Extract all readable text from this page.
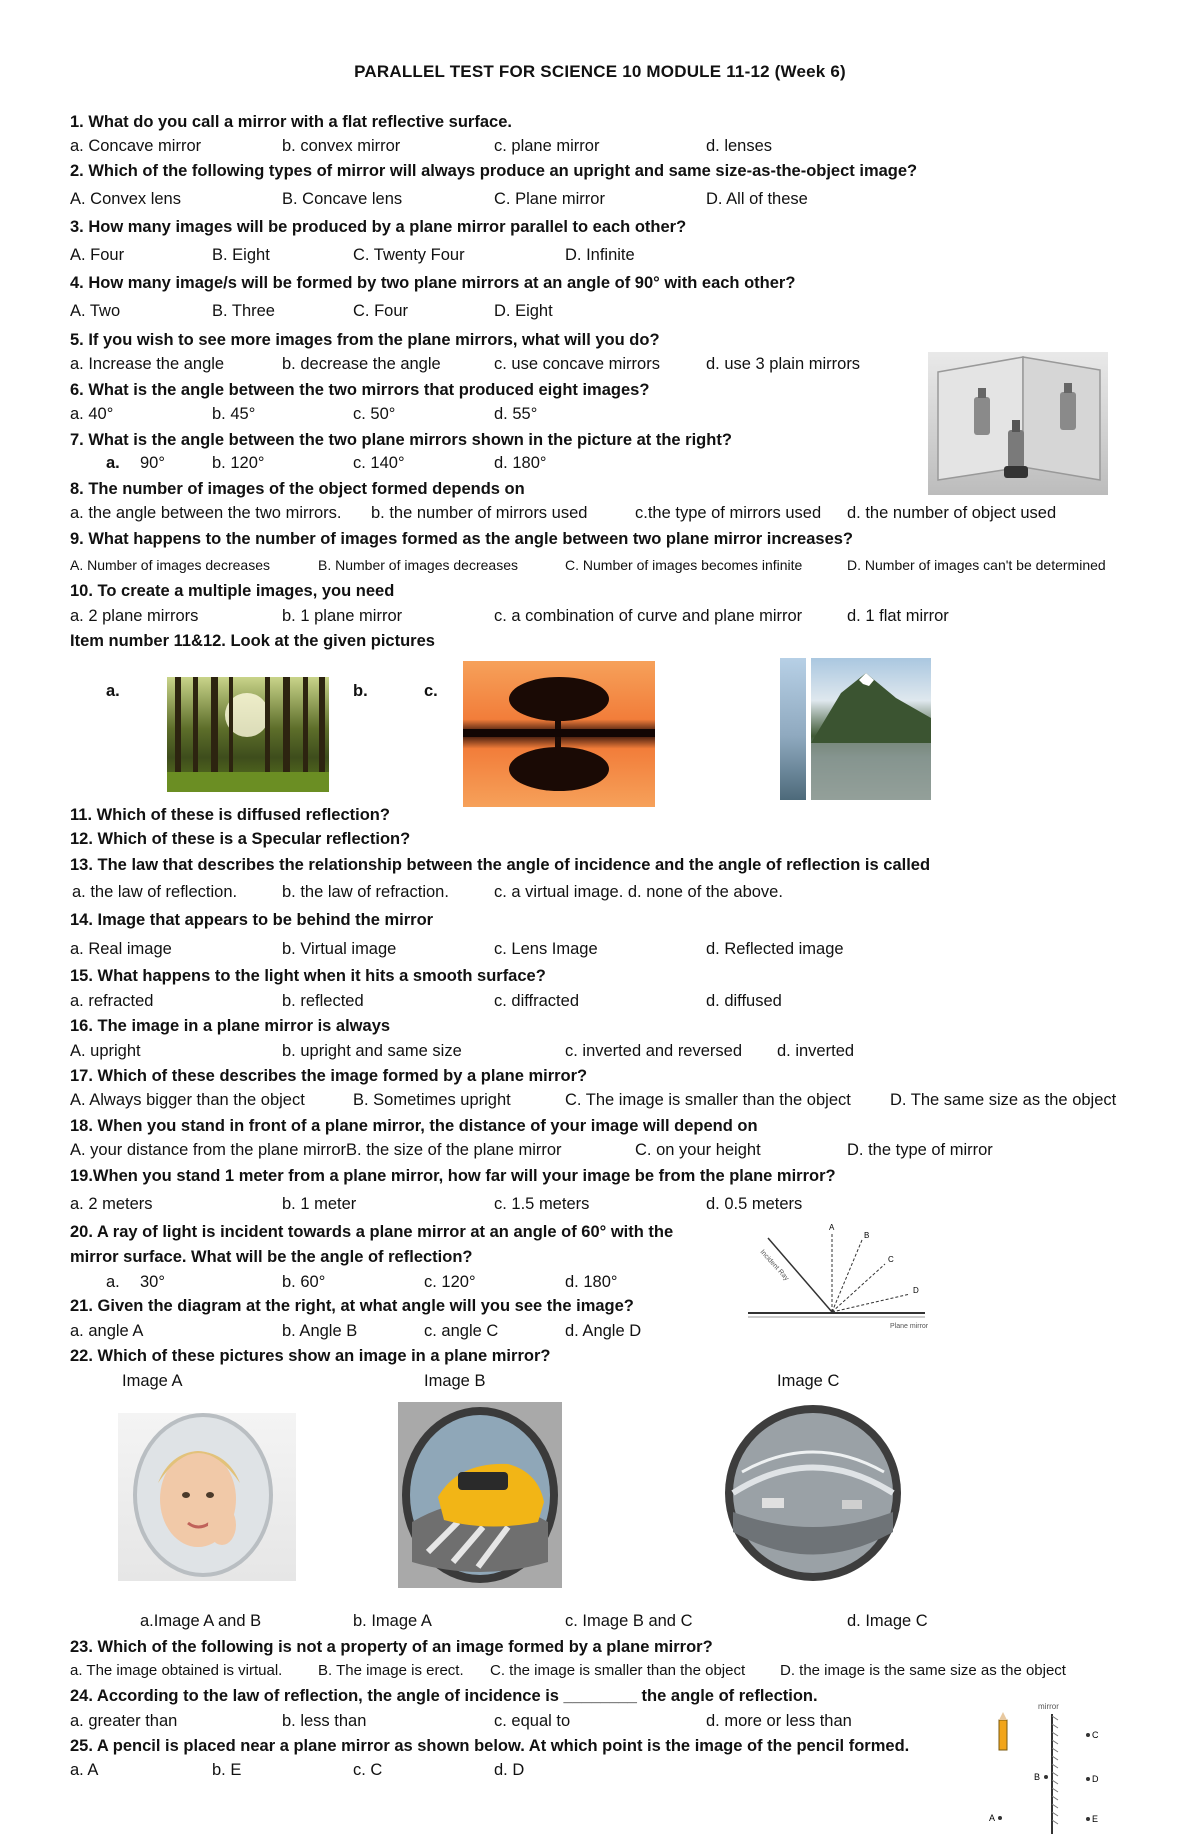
PARALLEL TEST FOR SCIENCE 10 MODULE 11-12 (Week 6)
1. What do you call a mirror with a flat reflective surface.
a. Concave mirror	b. convex mirror	c. plane mirror	d. lenses
2. Which of the following types of mirror will always produce an upright and same size-as-the-object image?
A. Convex lens	B. Concave lens	C. Plane mirror	D. All of these
3. How many images will be produced by a plane mirror parallel to each other?
A. Four	B. Eight	C. Twenty Four	D. Infinite
4. How many image/s will be formed by two plane mirrors at an angle of 90° with each other?
A. Two	B. Three	C. Four	D. Eight
5. If you wish to see more images from the plane mirrors, what will you do?
a. Increase the angle	b. decrease the angle	c. use concave mirrors	d. use 3 plain mirrors
6. What is the angle between the two mirrors that produced eight images?
a. 40°	b. 45°	c. 50°	d. 55°
7. What is the angle between the two plane mirrors shown in the picture at the right?
a. 90°	b. 120°	c. 140°	d. 180°
8. The number of images of the object formed depends on
a. the angle between the two mirrors. b. the number of mirrors used	c.the type of mirrors used d. the number of object used
9. What happens to the number of images formed as the angle between two plane mirror increases?
A. Number of images decreases	B. Number of images decreases	C. Number of images becomes infinite	D. Number of images can't be determined
10. To create a multiple images, you need
a. 2 plane mirrors	b. 1 plane mirror	c. a combination of curve and plane mirror	d. 1 flat mirror
Item number 11&12. Look at the given pictures
a.	b.	c.
11. Which of these is diffused reflection?
12. Which of these is a Specular reflection?
13. The law that describes the relationship between the angle of incidence and the angle of reflection is called
a. the law of reflection.	b. the law of refraction.	c. a virtual image. d. none of the above.
14. Image that appears to be behind the mirror
a. Real image	b. Virtual image	c. Lens Image	d. Reflected image
15. What happens to the light when it hits a smooth surface?
a. refracted	b. reflected	c. diffracted	d. diffused
16. The image in a plane mirror is always
A. upright	b. upright and same size	c. inverted and reversed d. inverted
17. Which of these describes the image formed by a plane mirror?
A. Always bigger than the object	B. Sometimes upright	C. The image is smaller than the object D. The same size as the object
18. When you stand in front of a plane mirror, the distance of your image will depend on
A. your distance from the plane mirrorB. the size of the plane mirror	C. on your height	D. the type of mirror
19.When you stand 1 meter from a plane mirror, how far will your image be from the plane mirror?
a. 2 meters	b. 1 meter	c. 1.5 meters	d. 0.5 meters
20. A ray of light is incident towards a plane mirror at an angle of 60° with the
mirror surface. What will be the angle of reflection?
a. 30°	b. 60°	c. 120°	d. 180°	Incident Ray
A
B
C
D
Plane mirror
21. Given the diagram at the right, at what angle will you see the image?
a. angle A	b. Angle B	c. angle C	d. Angle D
22. Which of these pictures show an image in a plane mirror?
Image A	Image B	Image C
a.Image A and B	b. Image A	c. Image B and C	d. Image C
23. Which of the following is not a property of an image formed by a plane mirror?
a. The image obtained is virtual. B. The image is erect. C. the image is smaller than the object D. the image is the same size as the object
mirror
C
B	D
A	E
24. According to the law of reflection, the angle of incidence is ________ the angle of reflection.
a. greater than	b. less than	c. equal to	d. more or less than
25. A pencil is placed near a plane mirror as shown below. At which point is the image of the pencil formed.
a. A	b. E	c. C	d. D
